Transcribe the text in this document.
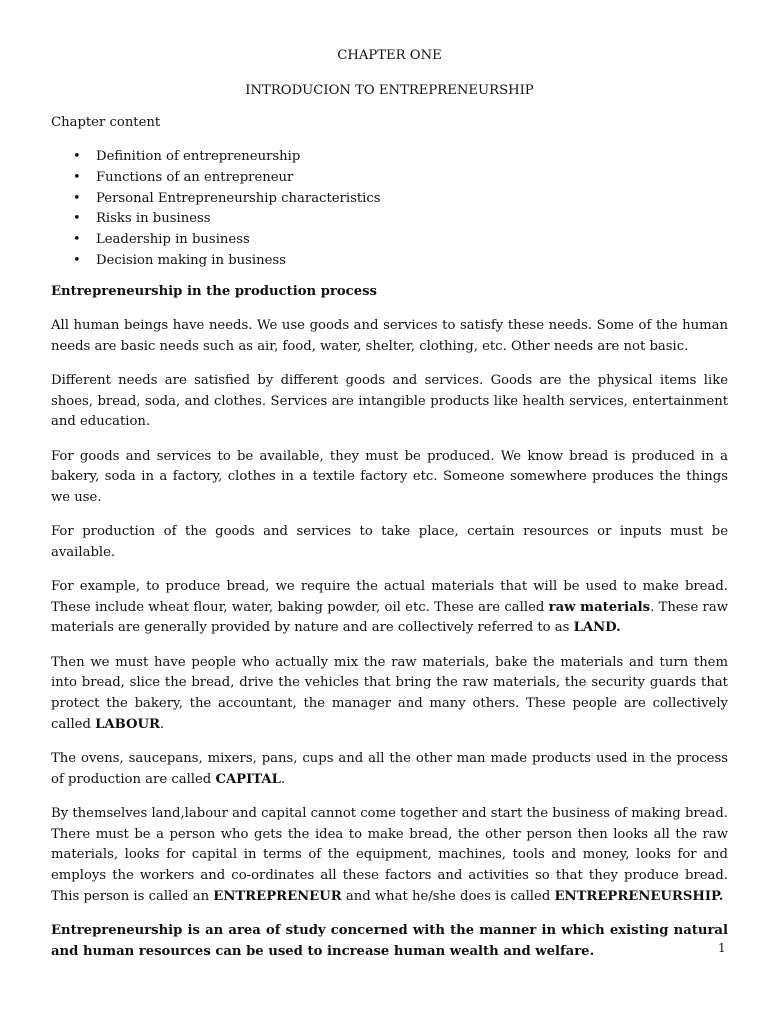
CHAPTER ONE

INTRODUCION TO ENTREPRENEURSHIP

Chapter content

• Definition of entrepreneurship
• Functions of an entrepreneur
• Personal Entrepreneurship characteristics
• Risks in business
• Leadership in business
• Decision making in business

Entrepreneurship in the production process

All human beings have needs. We use goods and services to satisfy these needs. Some of the human needs are basic needs such as air, food, water, shelter, clothing, etc. Other needs are not basic.

Different needs are satisfied by different goods and services. Goods are the physical items like shoes, bread, soda, and clothes. Services are intangible products like health services, entertainment and education.

For goods and services to be available, they must be produced. We know bread is produced in a bakery, soda in a factory, clothes in a textile factory etc. Someone somewhere produces the things we use.

For production of the goods and services to take place, certain resources or inputs must be available.

For example, to produce bread, we require the actual materials that will be used to make bread. These include wheat flour, water, baking powder, oil etc. These are called raw materials. These raw materials are generally provided by nature and are collectively referred to as LAND.

Then we must have people who actually mix the raw materials, bake the materials and turn them into bread, slice the bread, drive the vehicles that bring the raw materials, the security guards that protect the bakery, the accountant, the manager and many others. These people are collectively called LABOUR.

The ovens, saucepans, mixers, pans, cups and all the other man made products used in the process of production are called CAPITAL.

By themselves land,labour and capital cannot come together and start the business of making bread. There must be a person who gets the idea to make bread, the other person then looks all the raw materials, looks for capital in terms of the equipment, machines, tools and money, looks for and employs the workers and co-ordinates all these factors and activities so that they produce bread. This person is called an ENTREPRENEUR and what he/she does is called ENTREPRENEURSHIP.

Entrepreneurship is an area of study concerned with the manner in which existing natural and human resources can be used to increase human wealth and welfare.	1
